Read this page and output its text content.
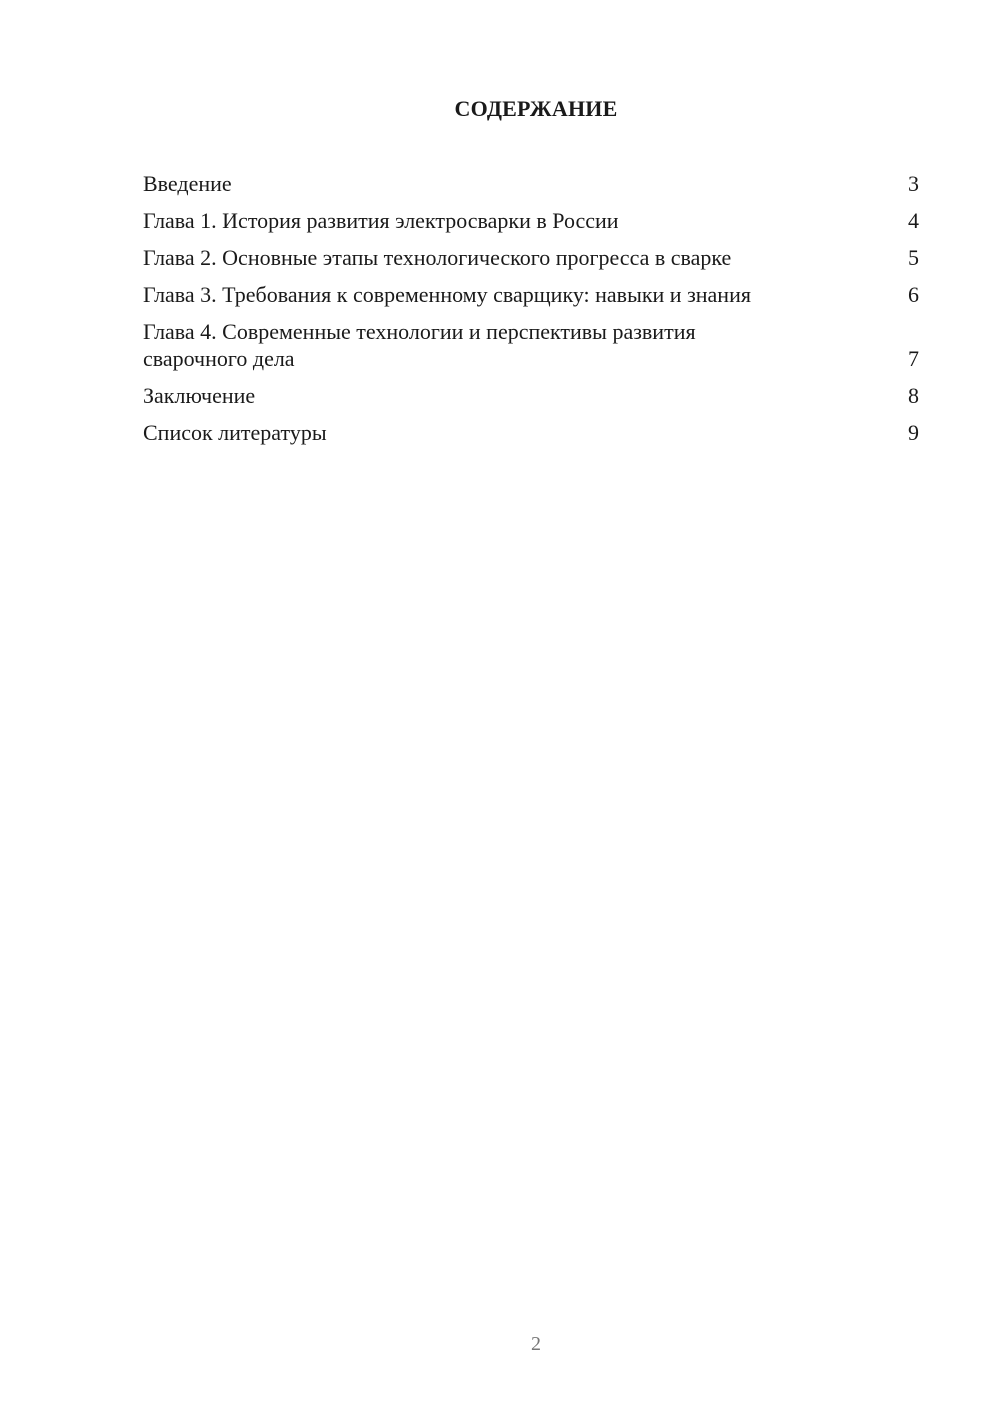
СОДЕРЖАНИЕ
Введение	3
Глава 1. История развития электросварки в России	4
Глава 2. Основные этапы технологического прогресса в сварке	5
Глава 3. Требования к современному сварщику: навыки и знания	6
Глава 4. Современные технологии и перспективы развития сварочного дела	7
Заключение	8
Список литературы	9
2
